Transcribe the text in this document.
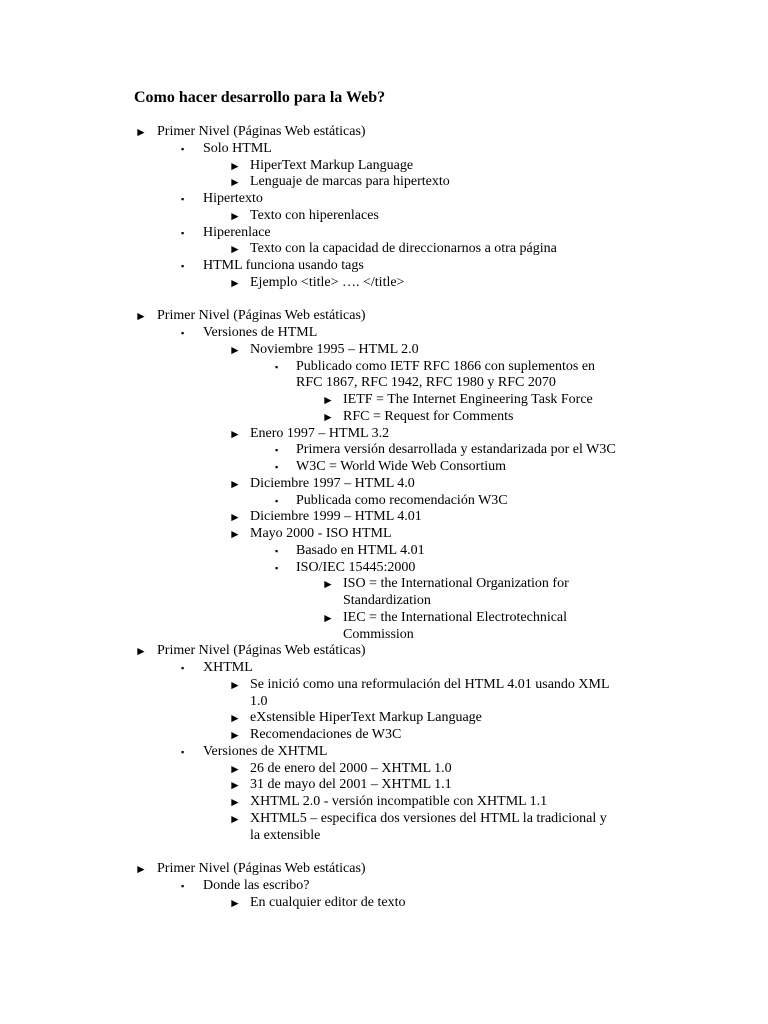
Como hacer desarrollo para la Web?
► Primer Nivel (Páginas Web estáticas)
▪ Solo HTML
► HiperText Markup Language
► Lenguaje de marcas para hipertexto
▪ Hipertexto
► Texto con hiperenlaces
▪ Hiperenlace
► Texto con la capacidad de direccionarnos a otra página
▪ HTML funciona usando tags
► Ejemplo <title> …. </title>
► Primer Nivel (Páginas Web estáticas)
▪ Versiones de HTML
► Noviembre 1995 – HTML 2.0
▪ Publicado como IETF RFC 1866 con suplementos en
RFC 1867, RFC 1942, RFC 1980 y RFC 2070
► IETF = The Internet Engineering Task Force
► RFC = Request for Comments
► Enero 1997 – HTML 3.2
▪ Primera versión desarrollada y estandarizada por el W3C
▪ W3C = World Wide Web Consortium
► Diciembre 1997 – HTML 4.0
▪ Publicada como recomendación W3C
► Diciembre 1999 – HTML 4.01
► Mayo 2000 - ISO HTML
▪ Basado en HTML 4.01
▪ ISO/IEC 15445:2000
► ISO = the International Organization for
Standardization
► IEC = the International Electrotechnical
Commission
► Primer Nivel (Páginas Web estáticas)
▪ XHTML
► Se inició como una reformulación del HTML 4.01 usando XML
1.0
► eXstensible HiperText Markup Language
► Recomendaciones de W3C
▪ Versiones de XHTML
► 26 de enero del 2000 – XHTML 1.0
► 31 de mayo del 2001 – XHTML 1.1
► XHTML 2.0 - versión incompatible con XHTML 1.1
► XHTML5 – especifica dos versiones del HTML la tradicional y
la extensible
► Primer Nivel (Páginas Web estáticas)
▪ Donde las escribo?
► En cualquier editor de texto
